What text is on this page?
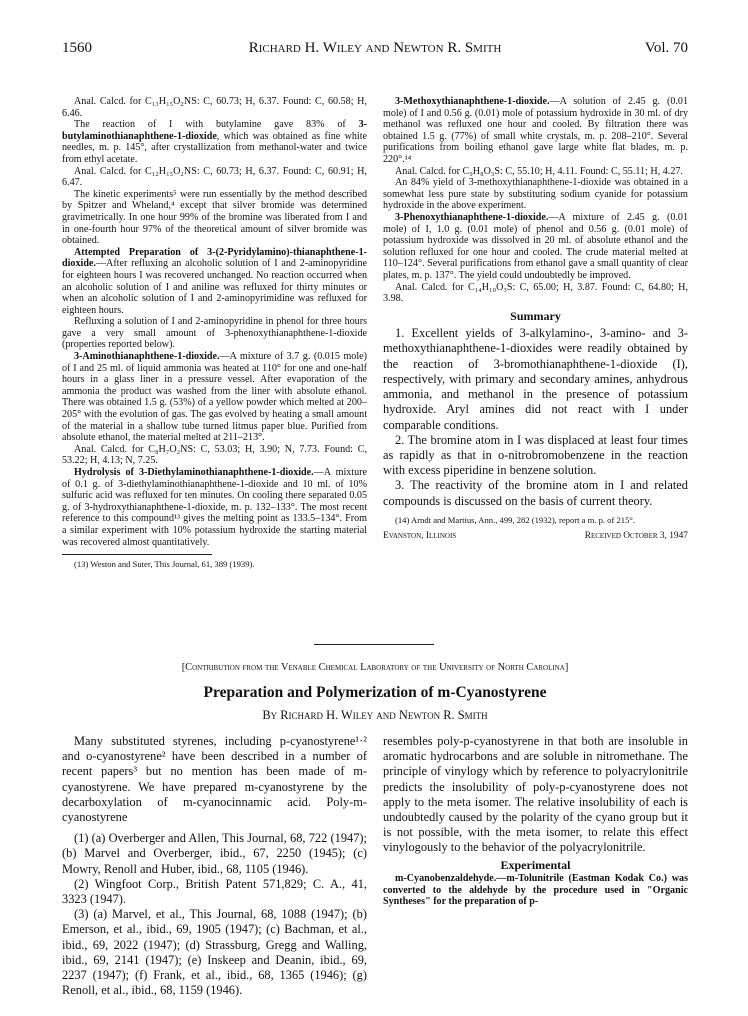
1560	Richard H. Wiley and Newton R. Smith	Vol. 70

Anal. Calcd. for C₁₃H₁₅O₂NS: C, 60.73; H, 6.37. Found: C, 60.58; H, 6.46.

The reaction of I with butylamine gave 83% of 3-butylaminothianaphthene-1-dioxide, which was obtained as fine white needles, m. p. 145°, after crystallization from methanol-water and twice from ethyl acetate.

Anal. Calcd. for C₁₂H₁₅O₂NS: C, 60.73; H, 6.37. Found: C, 60.91; H, 6.47.

The kinetic experiments⁵ were run essentially by the method described by Spitzer and Wheland,⁴ except that silver bromide was determined gravimetrically. In one hour 99% of the bromine was liberated from I and in one-fourth hour 97% of the theoretical amount of silver bromide was obtained.

Attempted Preparation of 3-(2-Pyridylamino)-thianaphthene-1-dioxide.—After refluxing an alcoholic solution of I and 2-aminopyridine for eighteen hours I was recovered unchanged. No reaction occurred when an alcoholic solution of I and aniline was refluxed for thirty minutes or when an alcoholic solution of I and 2-aminopyrimidine was refluxed for eighteen hours.

Refluxing a solution of I and 2-aminopyridine in phenol for three hours gave a very small amount of 3-phenoxythianaphthene-1-dioxide (properties reported below).

3-Aminothianaphthene-1-dioxide.—A mixture of 3.7 g. (0.015 mole) of I and 25 ml. of liquid ammonia was heated at 110° for one and one-half hours in a glass liner in a pressure vessel. After evaporation of the ammonia the product was washed from the liner with absolute ethanol. There was obtained 1.5 g. (53%) of a yellow powder which melted at 200–205° with the evolution of gas. The gas evolved by heating a small amount of the material in a shallow tube turned litmus paper blue. Purified from absolute ethanol, the material melted at 211–213°.

Anal. Calcd. for C₈H₇O₂NS: C, 53.03; H, 3.90; N, 7.73. Found: C, 53.22; H, 4.13; N, 7.25.

Hydrolysis of 3-Diethylaminothianaphthene-1-dioxide.—A mixture of 0.1 g. of 3-diethylaminothianaphthene-1-dioxide and 10 ml. of 10% sulfuric acid was refluxed for ten minutes. On cooling there separated 0.05 g. of 3-hydroxythianaphthene-1-dioxide, m. p. 132–133°. The most recent reference to this compound¹³ gives the melting point as 133.5–134°. From a similar experiment with 10% potassium hydroxide the starting material was recovered almost quantitatively.

(13) Weston and Suter, This Journal, 61, 389 (1939).

3-Methoxythianaphthene-1-dioxide.—A solution of 2.45 g. (0.01 mole) of I and 0.56 g. (0.01) mole of potassium hydroxide in 30 ml. of dry methanol was refluxed one hour and cooled. By filtration there was obtained 1.5 g. (77%) of small white crystals, m. p. 208–210°. Several purifications from boiling ethanol gave large white flat blades, m. p. 220°.¹⁴

Anal. Calcd. for C₉H₈O₃S: C, 55.10; H, 4.11. Found: C, 55.11; H, 4.27.

An 84% yield of 3-methoxythianaphthene-1-dioxide was obtained in a somewhat less pure state by substituting sodium cyanide for potassium hydroxide in the above experiment.

3-Phenoxythianaphthene-1-dioxide.—A mixture of 2.45 g. (0.01 mole) of I, 1.0 g. (0.01 mole) of phenol and 0.56 g. (0.01 mole) of potassium hydroxide was dissolved in 20 ml. of absolute ethanol and the solution refluxed for one hour and cooled. The crude material melted at 110–124°. Several purifications from ethanol gave a small quantity of clear plates, m. p. 137°. The yield could undoubtedly be improved.

Anal. Calcd. for C₁₄H₁₀O₃S: C, 65.00; H, 3.87. Found: C, 64.80; H, 3.98.

Summary

1. Excellent yields of 3-alkylamino-, 3-amino- and 3-methoxythianaphthene-1-dioxides were readily obtained by the reaction of 3-bromothianaphthene-1-dioxide (I), respectively, with primary and secondary amines, anhydrous ammonia, and methanol in the presence of potassium hydroxide. Aryl amines did not react with I under comparable conditions.

2. The bromine atom in I was displaced at least four times as rapidly as that in o-nitrobromobenzene in the reaction with excess piperidine in benzene solution.

3. The reactivity of the bromine atom in I and related compounds is discussed on the basis of current theory.

(14) Arndt and Martius, Ann., 499, 282 (1932), report a m. p. of 215°.

Evanston, Illinois	Received October 3, 1947
[Contribution from the Venable Chemical Laboratory of the University of North Carolina]
Preparation and Polymerization of m-Cyanostyrene
By Richard H. Wiley and Newton R. Smith

Many substituted styrenes, including p-cyanostyrene¹·² and o-cyanostyrene² have been described in a number of recent papers³ but no mention has been made of m-cyanostyrene. We have prepared m-cyanostyrene by the decarboxylation of m-cyanocinnamic acid. Poly-m-cyanostyrene

(1) (a) Overberger and Allen, This Journal, 68, 722 (1947); (b) Marvel and Overberger, ibid., 67, 2250 (1945); (c) Mowry, Renoll and Huber, ibid., 68, 1105 (1946).

(2) Wingfoot Corp., British Patent 571,829; C. A., 41, 3323 (1947).

(3) (a) Marvel, et al., This Journal, 68, 1088 (1947); (b) Emerson, et al., ibid., 69, 1905 (1947); (c) Bachman, et al., ibid., 69, 2022 (1947); (d) Strassburg, Gregg and Walling, ibid., 69, 2141 (1947); (e) Inskeep and Deanin, ibid., 69, 2237 (1947); (f) Frank, et al., ibid., 68, 1365 (1946); (g) Renoll, et al., ibid., 68, 1159 (1946).

resembles poly-p-cyanostyrene in that both are insoluble in aromatic hydrocarbons and are soluble in nitromethane. The principle of vinylogy which by reference to polyacrylonitrile predicts the insolubility of poly-p-cyanostyrene does not apply to the meta isomer. The relative insolubility of each is undoubtedly caused by the polarity of the cyano group but it is not possible, with the meta isomer, to relate this effect vinylogously to the behavior of the polyacrylonitrile.

Experimental

m-Cyanobenzaldehyde.—m-Tolunitrile (Eastman Kodak Co.) was converted to the aldehyde by the procedure used in "Organic Syntheses" for the preparation of p-
